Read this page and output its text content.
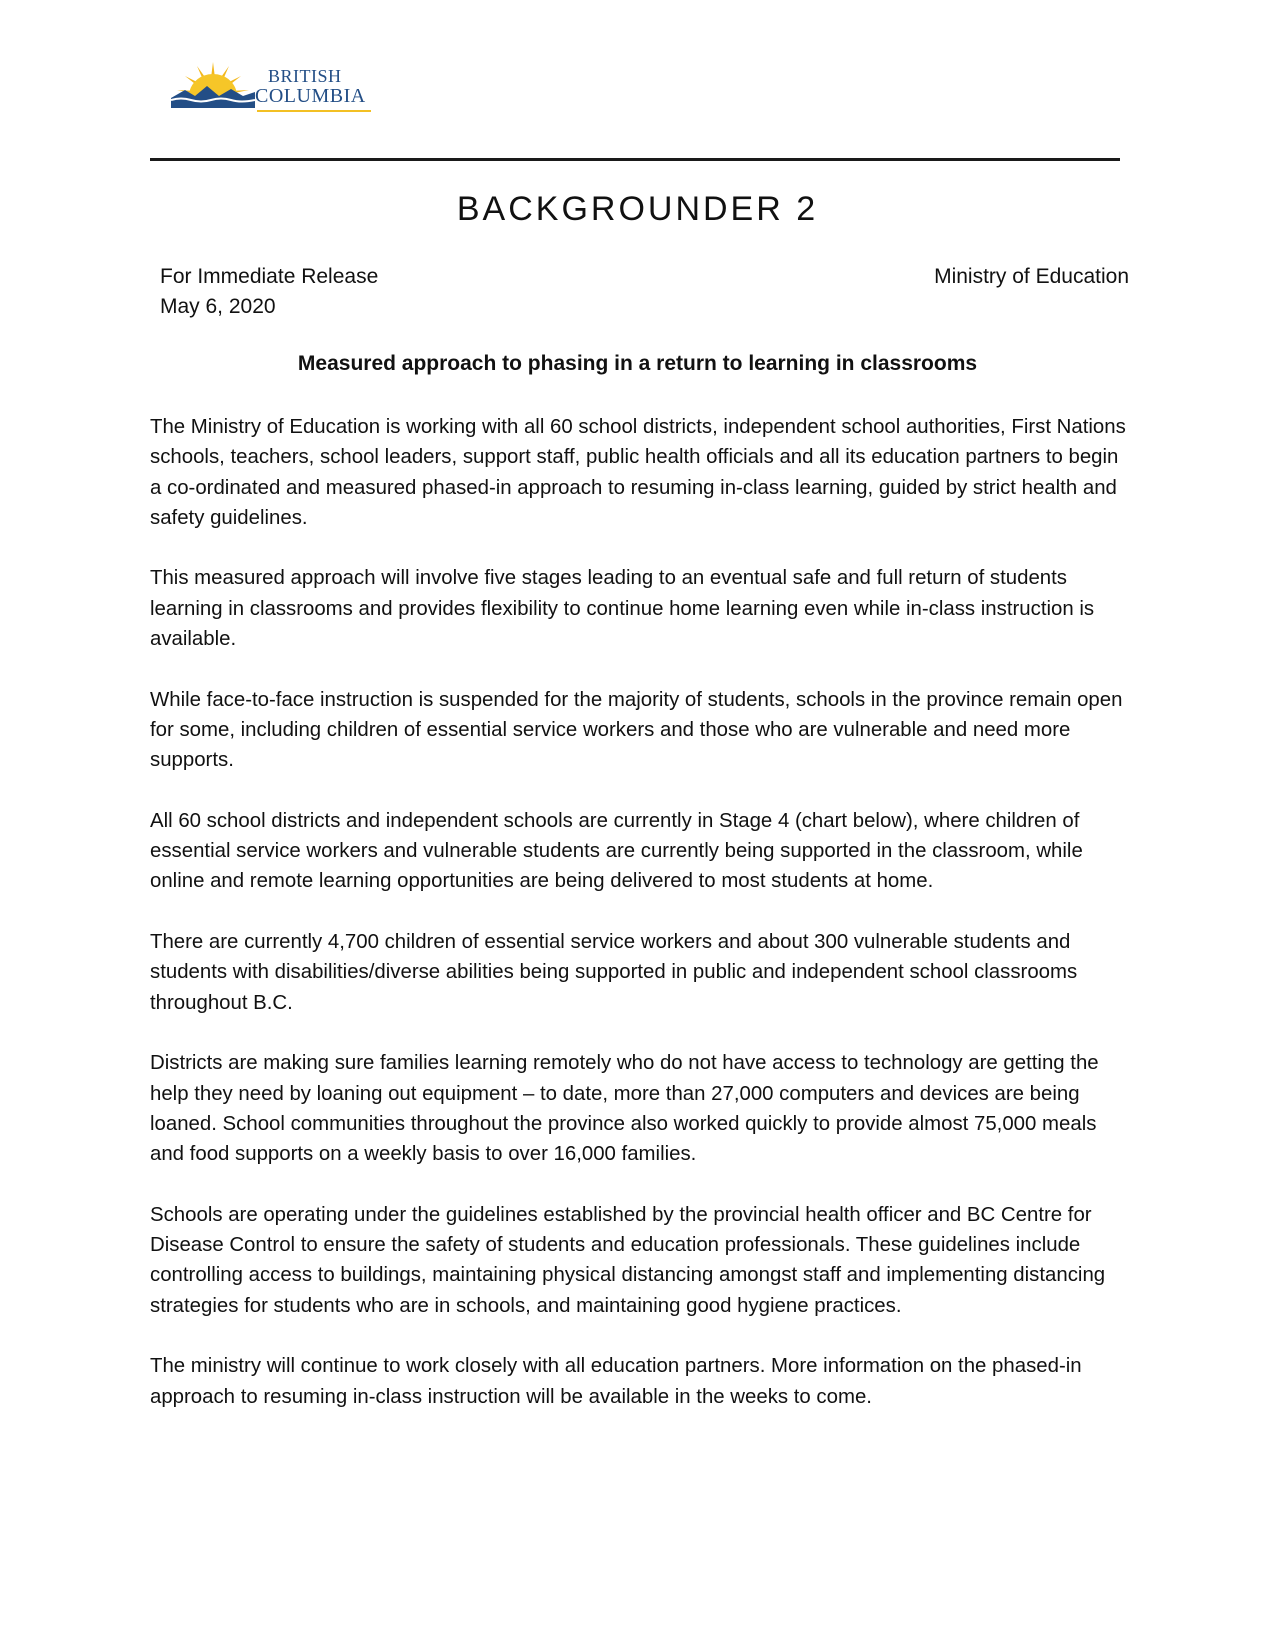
BRITISH
COLUMBIA
BACKGROUNDER 2
For Immediate Release
May 6, 2020
Ministry of Education
Measured approach to phasing in a return to learning in classrooms

The Ministry of Education is working with all 60 school districts, independent school authorities, First Nations schools, teachers, school leaders, support staff, public health officials and all its education partners to begin a co-ordinated and measured phased-in approach to resuming in-class learning, guided by strict health and safety guidelines.

This measured approach will involve five stages leading to an eventual safe and full return of students learning in classrooms and provides flexibility to continue home learning even while in-class instruction is available.

While face-to-face instruction is suspended for the majority of students, schools in the province remain open for some, including children of essential service workers and those who are vulnerable and need more supports.

All 60 school districts and independent schools are currently in Stage 4 (chart below), where children of essential service workers and vulnerable students are currently being supported in the classroom, while online and remote learning opportunities are being delivered to most students at home.

There are currently 4,700 children of essential service workers and about 300 vulnerable students and students with disabilities/diverse abilities being supported in public and independent school classrooms throughout B.C.

Districts are making sure families learning remotely who do not have access to technology are getting the help they need by loaning out equipment – to date, more than 27,000 computers and devices are being loaned. School communities throughout the province also worked quickly to provide almost 75,000 meals and food supports on a weekly basis to over 16,000 families.

Schools are operating under the guidelines established by the provincial health officer and BC Centre for Disease Control to ensure the safety of students and education professionals. These guidelines include controlling access to buildings, maintaining physical distancing amongst staff and implementing distancing strategies for students who are in schools, and maintaining good hygiene practices.

The ministry will continue to work closely with all education partners. More information on the phased-in approach to resuming in-class instruction will be available in the weeks to come.
